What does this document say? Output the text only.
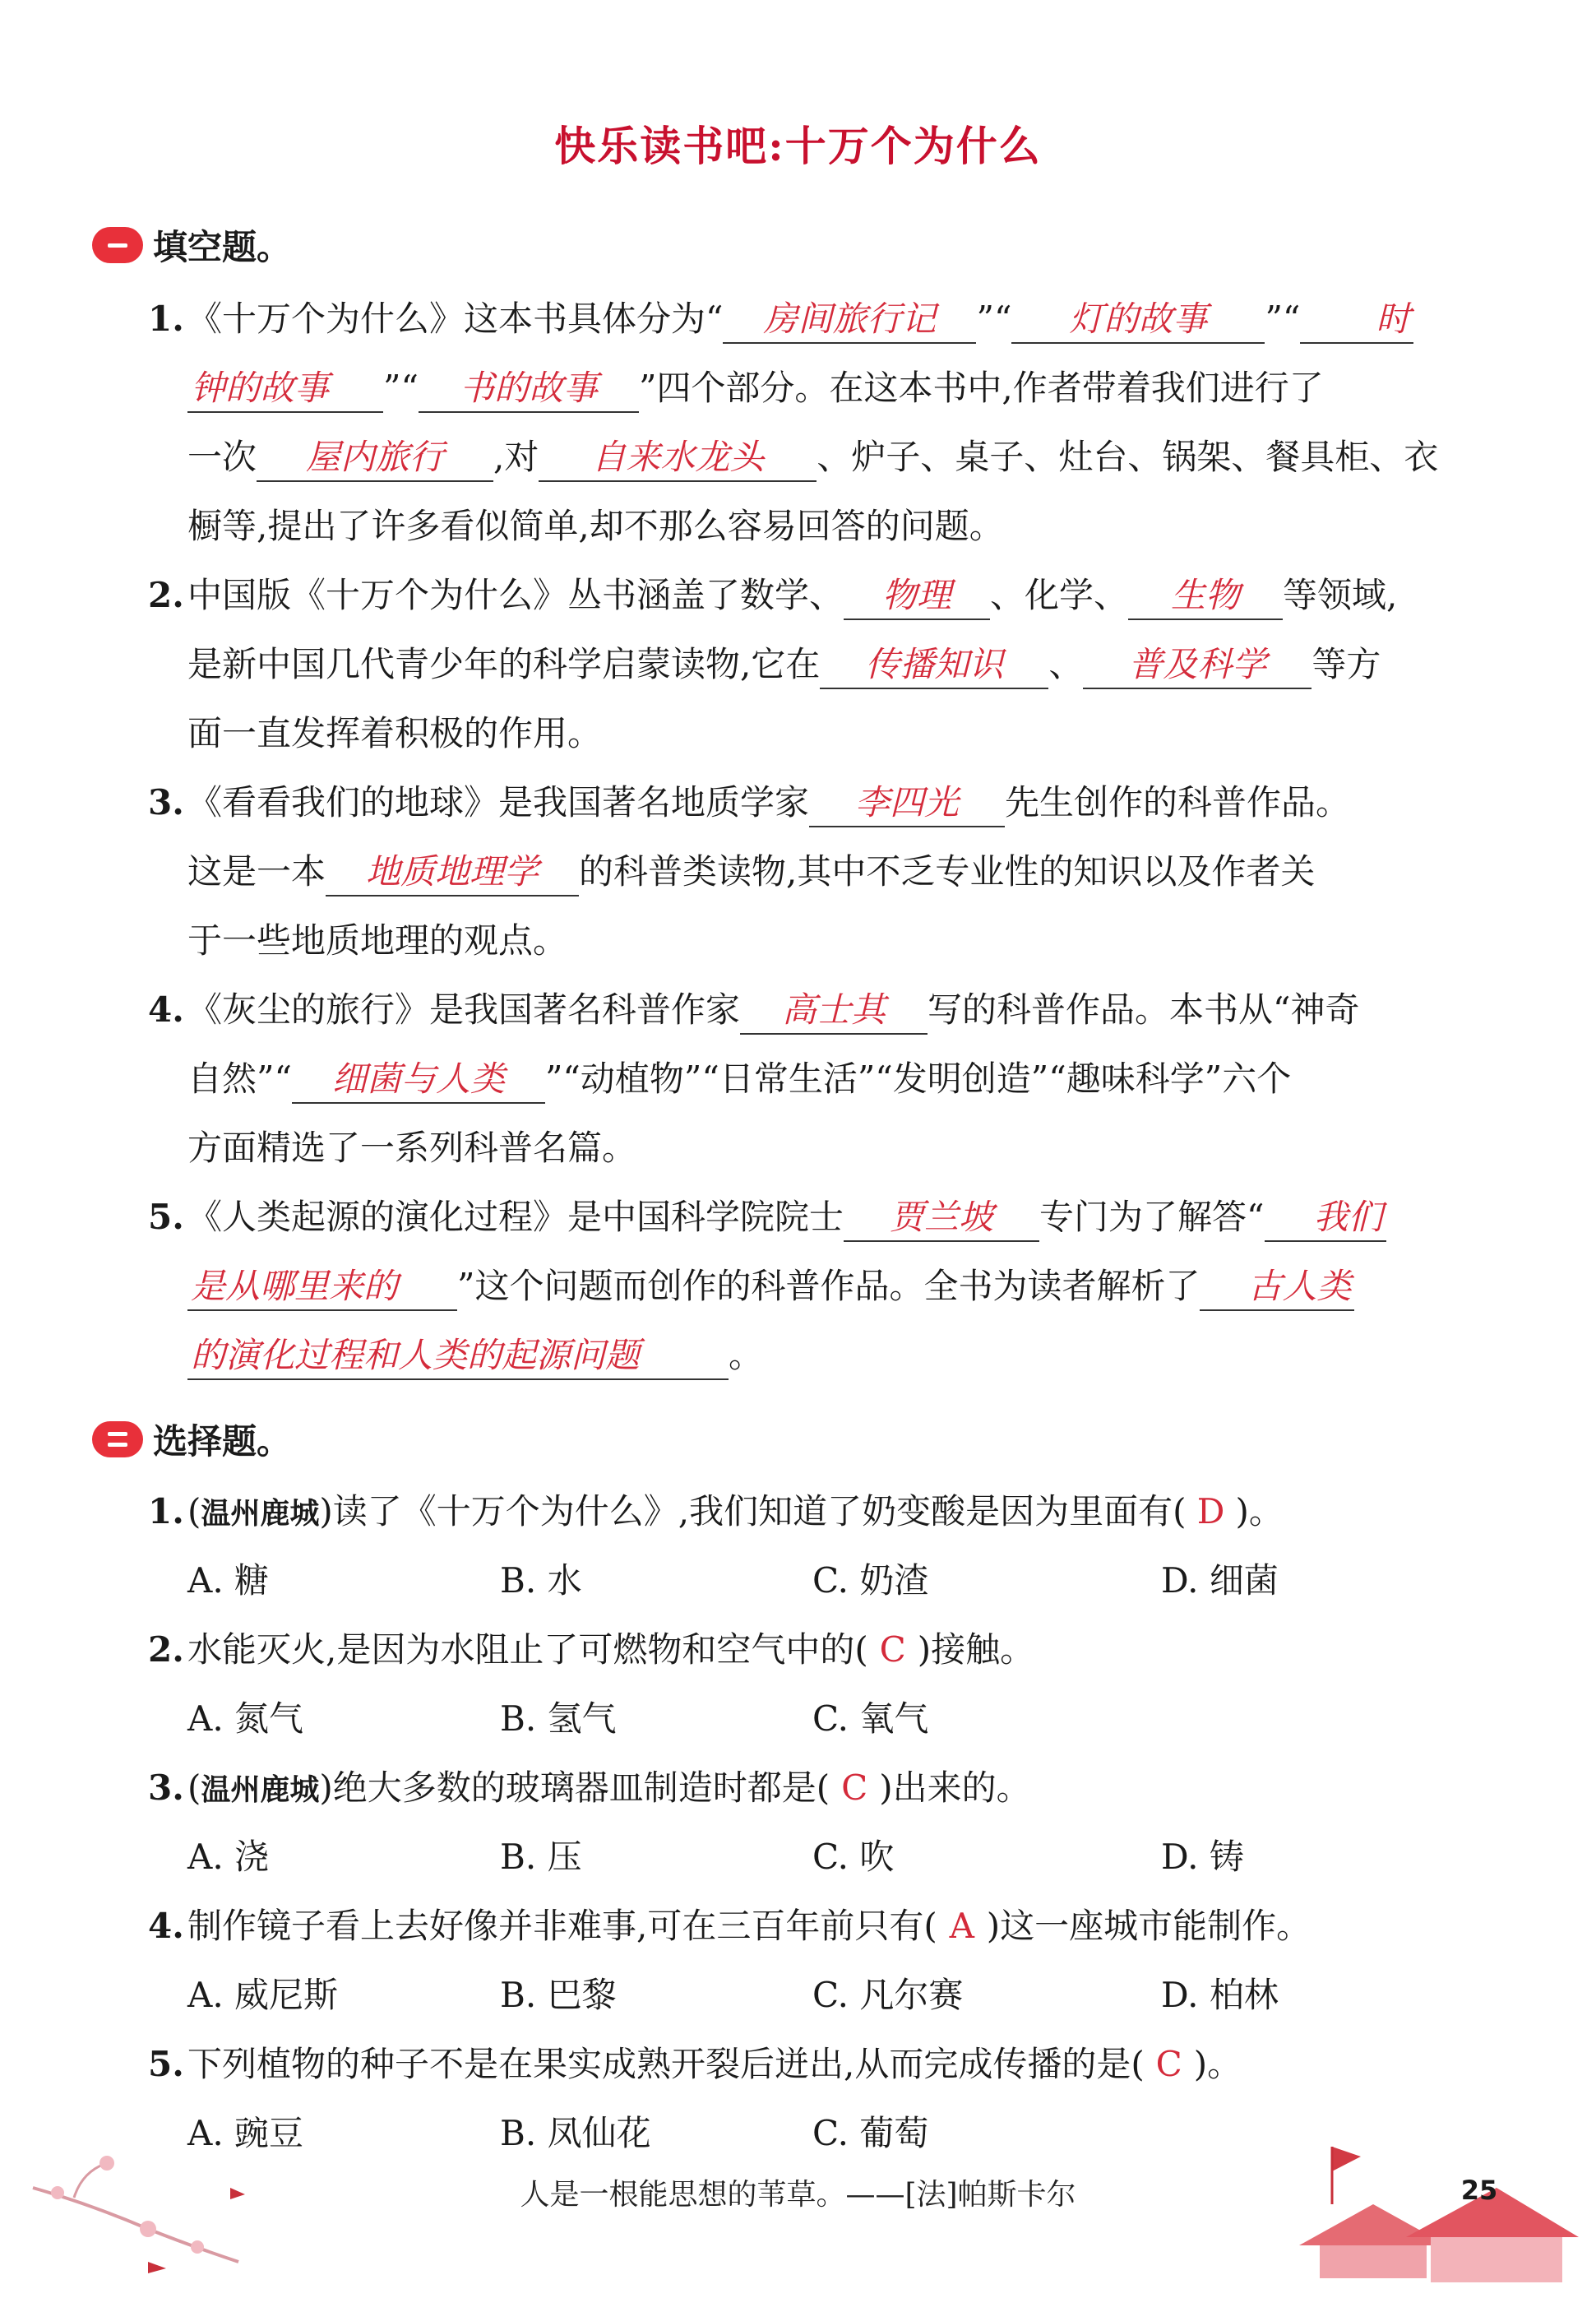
快乐读书吧:十万个为什么
填空题。
1. 《十万个为什么》这本书具体分为“ 房间旅行记 ”“ 灯的故事 ”“ 时
钟的故事 ”“ 书的故事 ”四个部分。在这本书中,作者带着我们进行了
一次 屋内旅行 ,对 自来水龙头 、炉子、桌子、灶台、锅架、餐具柜、衣
橱等,提出了许多看似简单,却不那么容易回答的问题。
2. 中国版《十万个为什么》丛书涵盖了数学、 物理 、化学、 生物 等领域,
是新中国几代青少年的科学启蒙读物,它在 传播知识 、 普及科学 等方
面一直发挥着积极的作用。
3. 《看看我们的地球》是我国著名地质学家 李四光 先生创作的科普作品。
这是一本 地质地理学 的科普类读物,其中不乏专业性的知识以及作者关
于一些地质地理的观点。
4. 《灰尘的旅行》是我国著名科普作家 高士其 写的科普作品。本书从“神奇
自然”“ 细菌与人类 ”“动植物”“日常生活”“发明创造”“趣味科学”六个
方面精选了一系列科普名篇。
5. 《人类起源的演化过程》是中国科学院院士 贾兰坡 专门为了解答“ 我们
是从哪里来的 ”这个问题而创作的科普作品。全书为读者解析了 古人类
的演化过程和人类的起源问题	。
选择题。
1. (温州鹿城)读了《十万个为什么》,我们知道了奶变酸是因为里面有( D )。
A. 糖	B. 水	C. 奶渣	D. 细菌
2. 水能灭火,是因为水阻止了可燃物和空气中的( C )接触。
A. 氮气	B. 氢气	C. 氧气
3. (温州鹿城)绝大多数的玻璃器皿制造时都是( C )出来的。
A. 浇	B. 压	C. 吹	D. 铸
4. 制作镜子看上去好像并非难事,可在三百年前只有( A )这一座城市能制作。
A. 威尼斯	B. 巴黎	C. 凡尔赛	D. 柏林
5. 下列植物的种子不是在果实成熟开裂后迸出,从而完成传播的是( C )。
A. 豌豆	B. 凤仙花	C. 葡萄
人是一根能思想的苇草。——[法]帕斯卡尔	25
